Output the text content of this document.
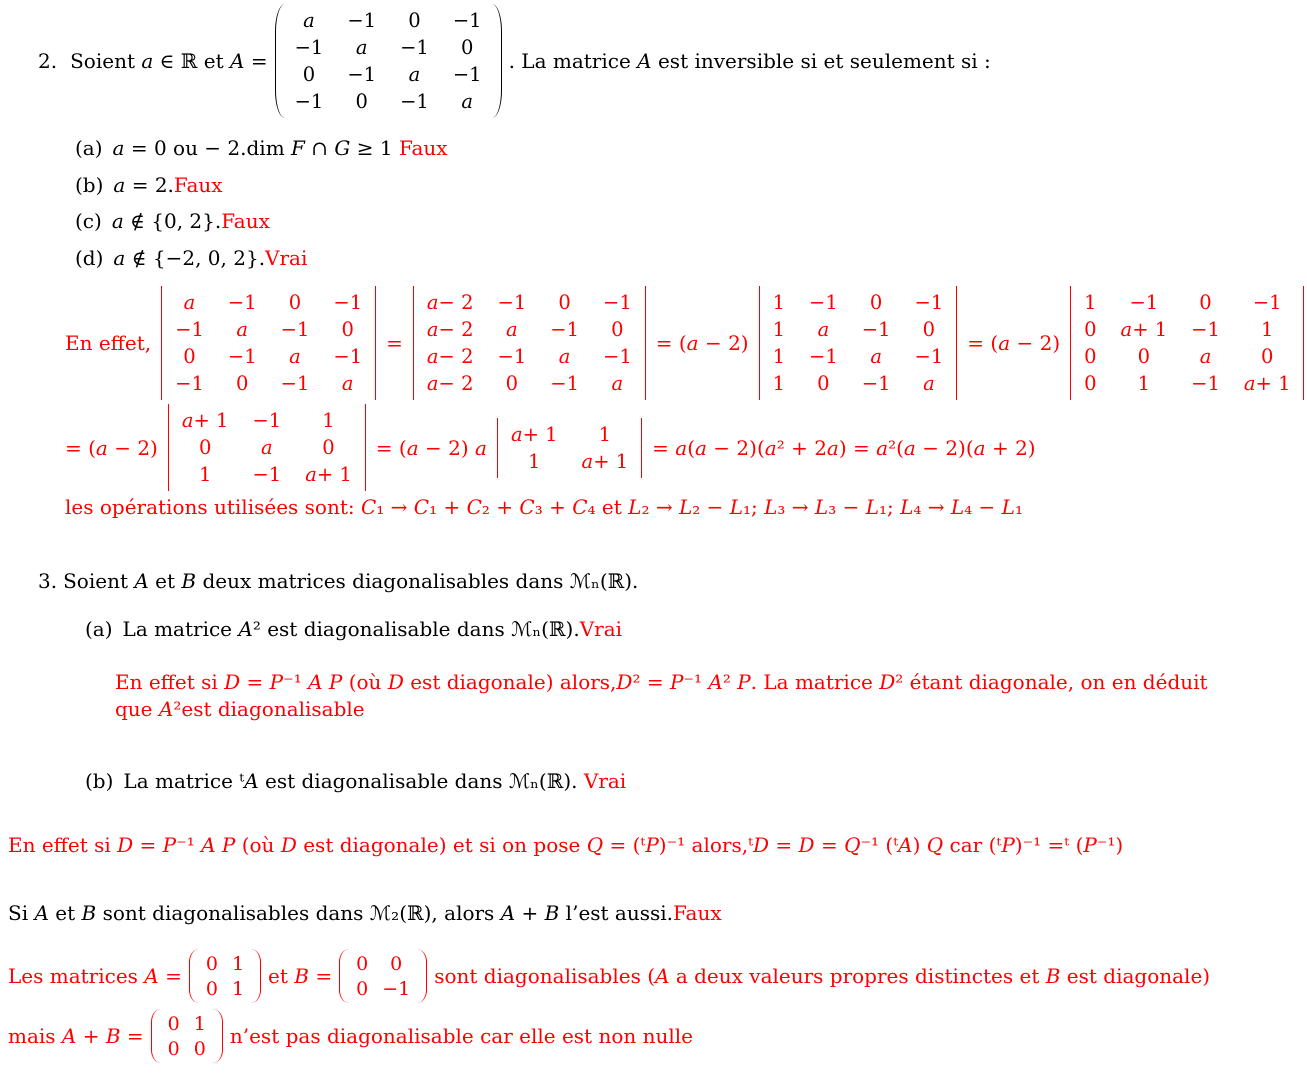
2. Soient a ∈ ℝ et A =
a −1 0 −1
−1 a −1 0
0 −1 a −1
−1 0 −1 a
. La matrice A est inversible si et seulement si :
(a) a = 0 ou − 2.dim F ∩ G ≥ 1 Faux
(b) a = 2.Faux
(c) a ∉ {0, 2}.Faux
(d) a ∉ {−2, 0, 2}.Vrai
En effet,
a −1 0 −1
−1 a −1 0
0 −1 a −1
−1 0 −1 a
=
a − 2 −1 0 −1
a − 2 a −1 0
a − 2 −1 a −1
a − 2 0 −1 a
= (a − 2)
1 −1 0 −1
1 a −1 0
1 −1 a −1
1 0 −1 a
= (a − 2)
1 −1 0 −1
0 a + 1 −1 1
0 0	a	0
0 1 −1 a + 1
= (a − 2)
a + 1 −1 1
0	a	0
1 −1 a + 1
= (a − 2) a
a + 1 1
1 a + 1
= a(a − 2)(a² + 2a) = a²(a − 2)(a + 2)
les opérations utilisées sont: C₁ → C₁ + C₂ + C₃ + C₄ et L₂ → L₂ − L₁; L₃ → L₃ − L₁; L₄ → L₄ − L₁
3. Soient A et B deux matrices diagonalisables dans ℳₙ(ℝ).
(a) La matrice A² est diagonalisable dans ℳₙ(ℝ).Vrai
En effet si D = P⁻¹ A P (où D est diagonale) alors,D² = P⁻¹ A² P. La matrice D² étant diagonale, on en déduit que A²est diagonalisable
(b) La matrice ᵗA est diagonalisable dans ℳₙ(ℝ). Vrai
En effet si D = P⁻¹ A P (où D est diagonale) et si on pose Q = (ᵗP)⁻¹ alors,ᵗD = D = Q⁻¹ (ᵗA) Q car (ᵗP)⁻¹ =ᵗ (P⁻¹)
Si A et B sont diagonalisables dans ℳ₂(ℝ), alors A + B l’est aussi.Faux
Les matrices A =
0 1
0 1
et B =
0 0
0 −1
sont diagonalisables (A a deux valeurs propres distinctes et B est diagonale)
mais A + B =
0 1
0 0
n’est pas diagonalisable car elle est non nulle
